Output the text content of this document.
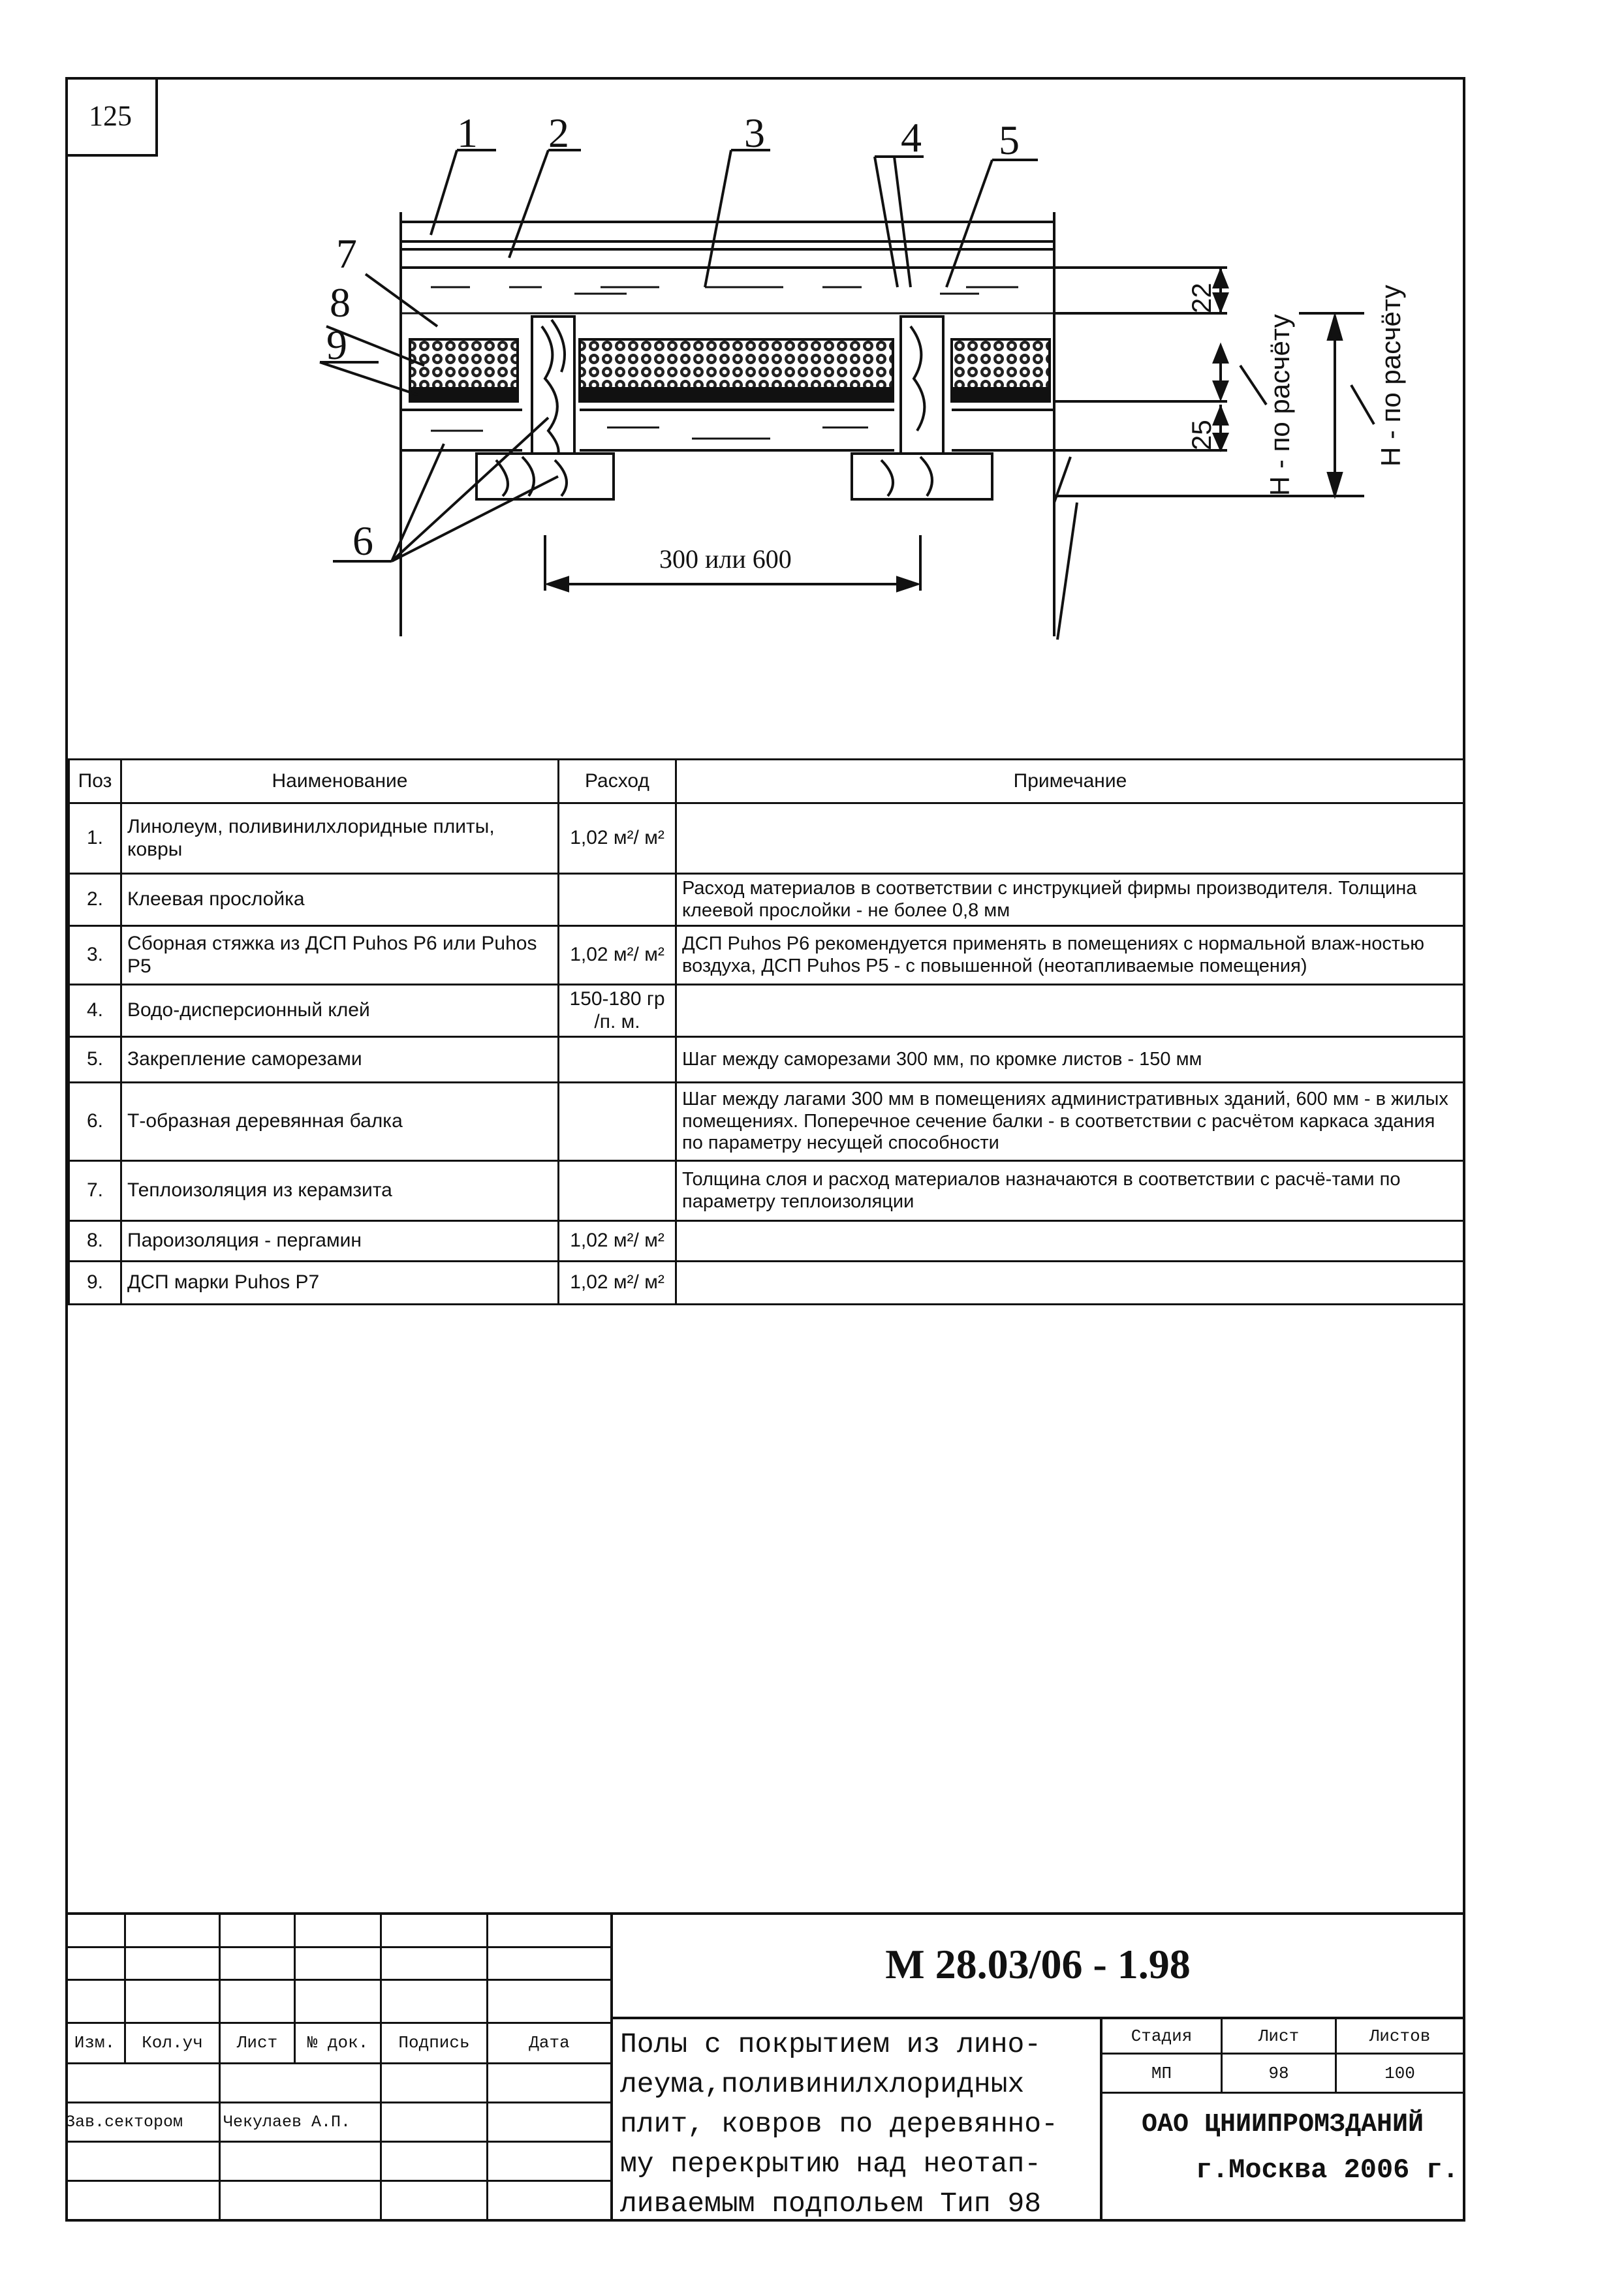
125	1 2	3	4 5
6
7
8
9
300 или 600
22
25 H - по расчёту	H - по расчёту
Поз	Наименование	Расход	Примечание
1.	Линолеум, поливинилхлоридные плиты, ковры	1,02 м²/ м²	
2.	Клеевая прослойка		Расход материалов в соответствии с инструкцией фирмы производителя. Толщина клеевой прослойки - не более 0,8 мм
3.	Сборная стяжка из ДСП Puhos P6 или Puhos P5	1,02 м²/ м²	ДСП Puhos P6 рекомендуется применять в помещениях с нормальной влаж-ностью воздуха, ДСП Puhos P5 - с повышенной (неотапливаемые помещения)
4.	Водо-дисперсионный клей	150-180 гр /п. м.	
5.	Закрепление саморезами		Шаг между саморезами 300 мм, по кромке листов - 150 мм
6.	Т-образная деревянная балка		Шаг между лагами 300 мм в помещениях административных зданий, 600 мм - в жилых помещениях. Поперечное сечение балки - в соответствии с расчётом каркаса здания по параметру несущей способности
7.	Теплоизоляция из керамзита		Толщина слоя и расход материалов назначаются в соответствии с расчё-тами по параметру теплоизоляции
8.	Пароизоляция - пергамин	1,02 м²/ м²	
9.	ДСП марки Puhos P7	1,02 м²/ м²	
М 28.03/06 - 1.98
Изм.	Кол.уч	Лист	№ док.	Подпись	Дата
Зав.сектором	Чекулаев А.П.
Полы с покрытием из лино-
леума,поливинилхлоридных
плит, ковров по деревянно-
му перекрытию над неотап-
ливаемым подпольем Тип 98
Стадия	Лист	Листов
МП	98	100
ОАО ЦНИИПРОМЗДАНИЙ
г.Москва 2006 г.
